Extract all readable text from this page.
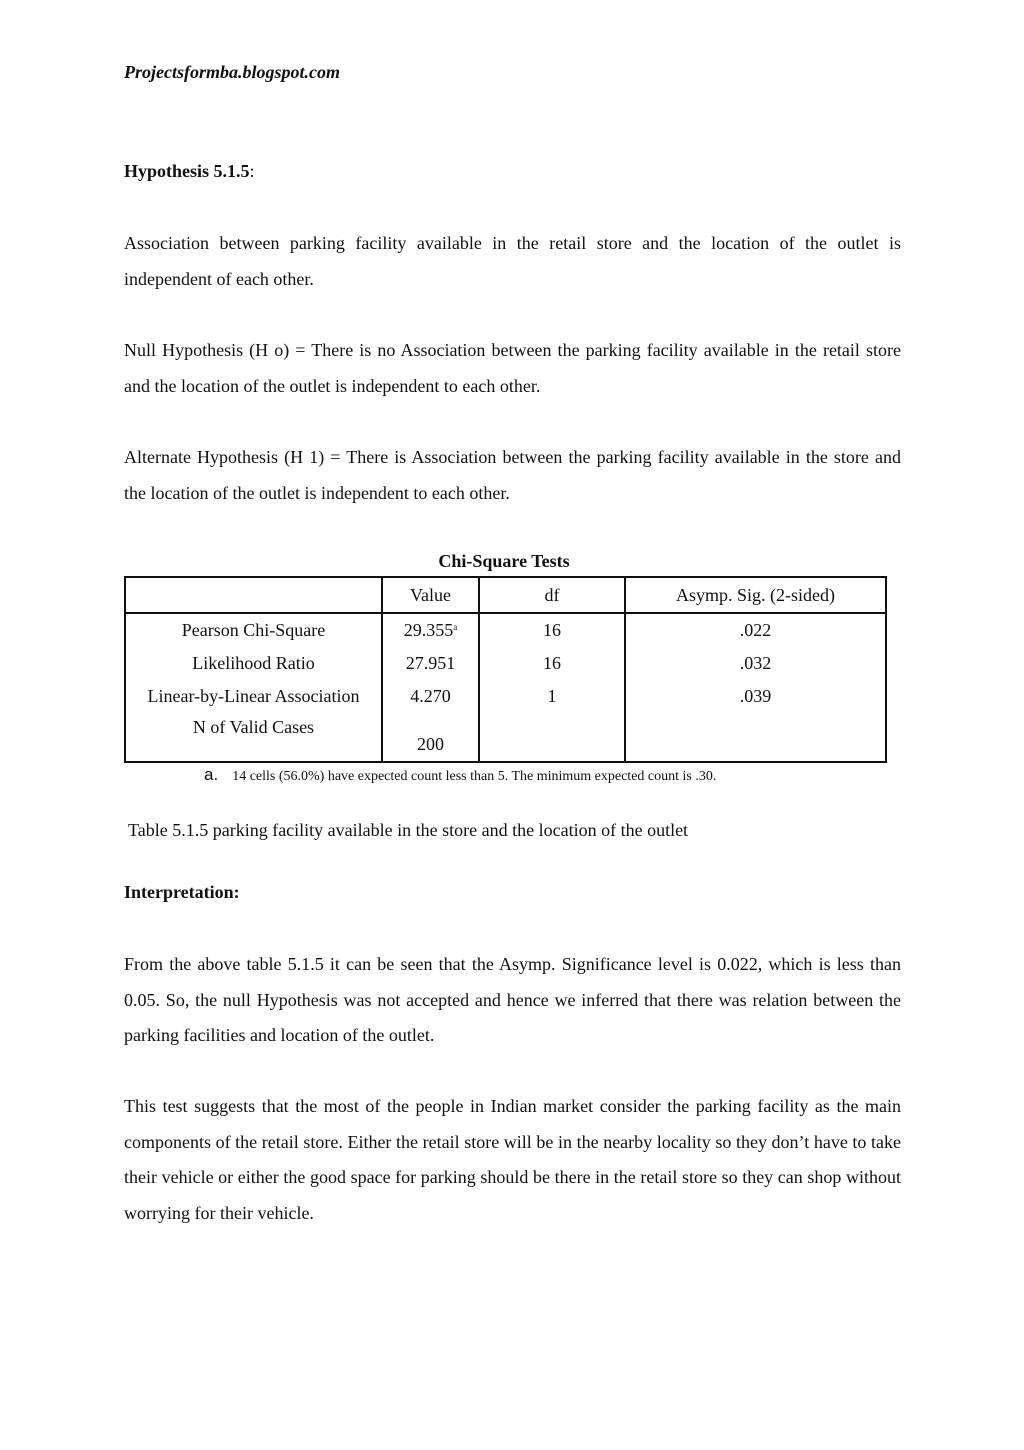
Projectsformba.blogspot.com
Hypothesis 5.1.5:

Association between parking facility available in the retail store and the location of the outlet is independent of each other.

Null Hypothesis (H o) = There is no Association between the parking facility available in the retail store and the location of the outlet is independent to each other.

Alternate Hypothesis (H 1) = There is Association between the parking facility available in the store and the location of the outlet is independent to each other.

Chi-Square Tests
	Value	df	Asymp. Sig. (2-sided)
Pearson Chi-Square	29.355$^a$	16	.022
Likelihood Ratio	27.951	16	.032
Linear-by-Linear Association	4.270	1	.039
N of Valid Cases	200		
a. 14 cells (56.0%) have expected count less than 5. The minimum expected count is .30.
Table 5.1.5 parking facility available in the store and the location of the outlet
Interpretation:

From the above table 5.1.5 it can be seen that the Asymp. Significance level is 0.022, which is less than 0.05. So, the null Hypothesis was not accepted and hence we inferred that there was relation between the parking facilities and location of the outlet.

This test suggests that the most of the people in Indian market consider the parking facility as the main components of the retail store. Either the retail store will be in the nearby locality so they don’t have to take their vehicle or either the good space for parking should be there in the retail store so they can shop without worrying for their vehicle.
